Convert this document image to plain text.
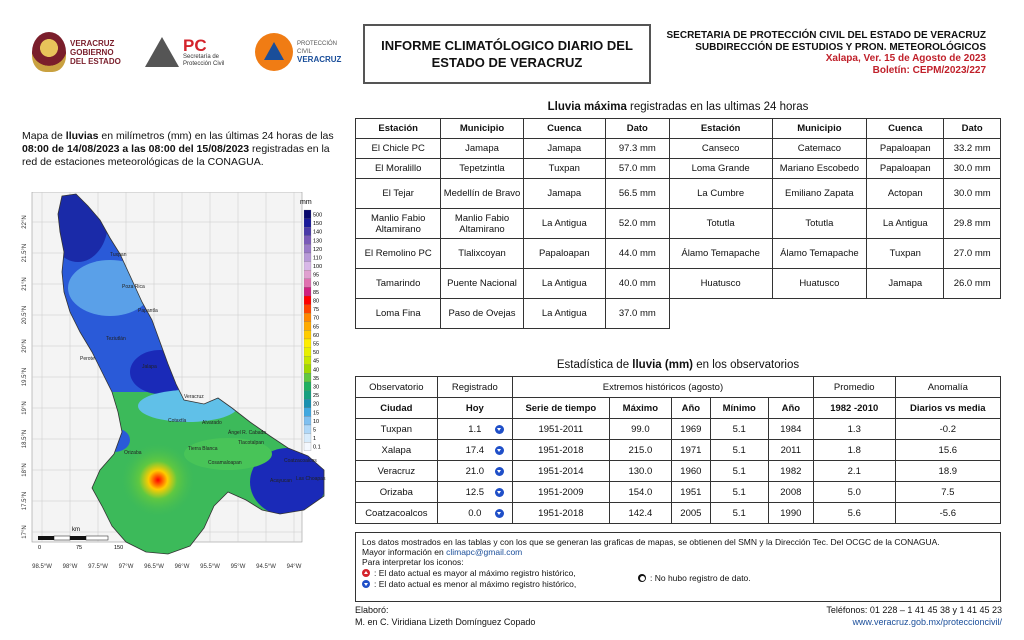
VERACRUZ
GOBIERNO
DEL ESTADO
PC
Secretaría de
Protección Civil
PROTECCIÓN CIVIL
VERACRUZ
INFORME CLIMATÓLOGICO DIARIO DEL
ESTADO DE VERACRUZ
SECRETARIA DE PROTECCIÓN CIVIL DEL ESTADO DE VERACRUZ
SUBDIRECCIÓN DE ESTUDIOS Y PRON. METEOROLÓGICOS
Xalapa, Ver. 15 de Agosto de 2023
Boletín: CEPM/2023/227
Mapa de lluvias en milímetros (mm) en las últimas 24 horas de las 08:00 de 14/08/2023 a las 08:00 del 15/08/2023 registradas en la red de estaciones meteorológicas de la CONAGUA.
mm
500
150
140
130
120
110
100
95
90
85
80
75
70
65
60
55
50
45
40
35
30
25
20
15
10
5
1
0.1
22°N
21.5°N
21°N
20.5°N
20°N
19.5°N
19°N
18.5°N
18°N
17.5°N
17°N
98.5°W 98°W 97.5°W 97°W 96.5°W 96°W 95.5°W 95°W 94.5°W 94°W
Tuxpan
Poza Rica
Teziutlán
Jalapa
Veracruz
Cotaxtla
Orizaba
Alvarado
Ángel R. Cabada
Tlacotalpan
Tierra Blanca
Cosamaloapan
Acayucan
Coatzacoalcos
Las Choapas
Papantla
Perote
km
0	75	150
Lluvia máxima registradas en las ultimas 24 horas
Estación	Municipio	Cuenca	Dato	Estación	Municipio	Cuenca	Dato
El Chicle PC	Jamapa	Jamapa	97.3 mm	Canseco	Catemaco	Papaloapan	33.2 mm
El Moralillo	Tepetzintla	Tuxpan	57.0 mm	Loma Grande	Mariano Escobedo	Papaloapan	30.0 mm
El Tejar	Medellín de Bravo	Jamapa	56.5 mm	La Cumbre	Emiliano Zapata	Actopan	30.0 mm
Manlio Fabio Altamirano	Manlio Fabio Altamirano	La Antigua	52.0 mm	Totutla	Totutla	La Antigua	29.8 mm
El Remolino PC	Tlalixcoyan	Papaloapan	44.0 mm	Álamo Temapache	Álamo Temapache	Tuxpan	27.0 mm
Tamarindo	Puente Nacional	La Antigua	40.0 mm	Huatusco	Huatusco	Jamapa	26.0 mm
Loma Fina	Paso de Ovejas	La Antigua	37.0 mm				
Estadística de lluvia (mm) en los observatorios
Observatorio	Registrado	Extremos históricos (agosto)					Promedio	Anomalía
Ciudad	Hoy	Serie de tiempo	Máximo	Año	Mínimo	Año	1982 -2010	Diarios vs media
Tuxpan	1.1	1951-2011	99.0	1969	5.1	1984	1.3	-0.2
Xalapa	17.4	1951-2018	215.0	1971	5.1	2011	1.8	15.6
Veracruz	21.0	1951-2014	130.0	1960	5.1	1982	2.1	18.9
Orizaba	12.5	1951-2009	154.0	1951	5.1	2008	5.0	7.5
Coatzacoalcos	0.0	1951-2018	142.4	2005	5.1	1990	5.6	-5.6
Los datos mostrados en las tablas y con los que se generan las graficas de mapas, se obtienen del SMN y la Dirección Tec. Del OCGC de la CONAGUA.
Mayor información en climapc@gmail.com
Para interpretar los iconos:
: El dato actual es mayor al máximo registro histórico,
: El dato actual es menor al máximo registro histórico,
: No hubo registro de dato.
Elaboró:
M. en C. Viridiana Lizeth Domínguez Copado
Teléfonos: 01 228 – 1 41 45 38 y 1 41 45 23
www.veracruz.gob.mx/proteccioncivil/
